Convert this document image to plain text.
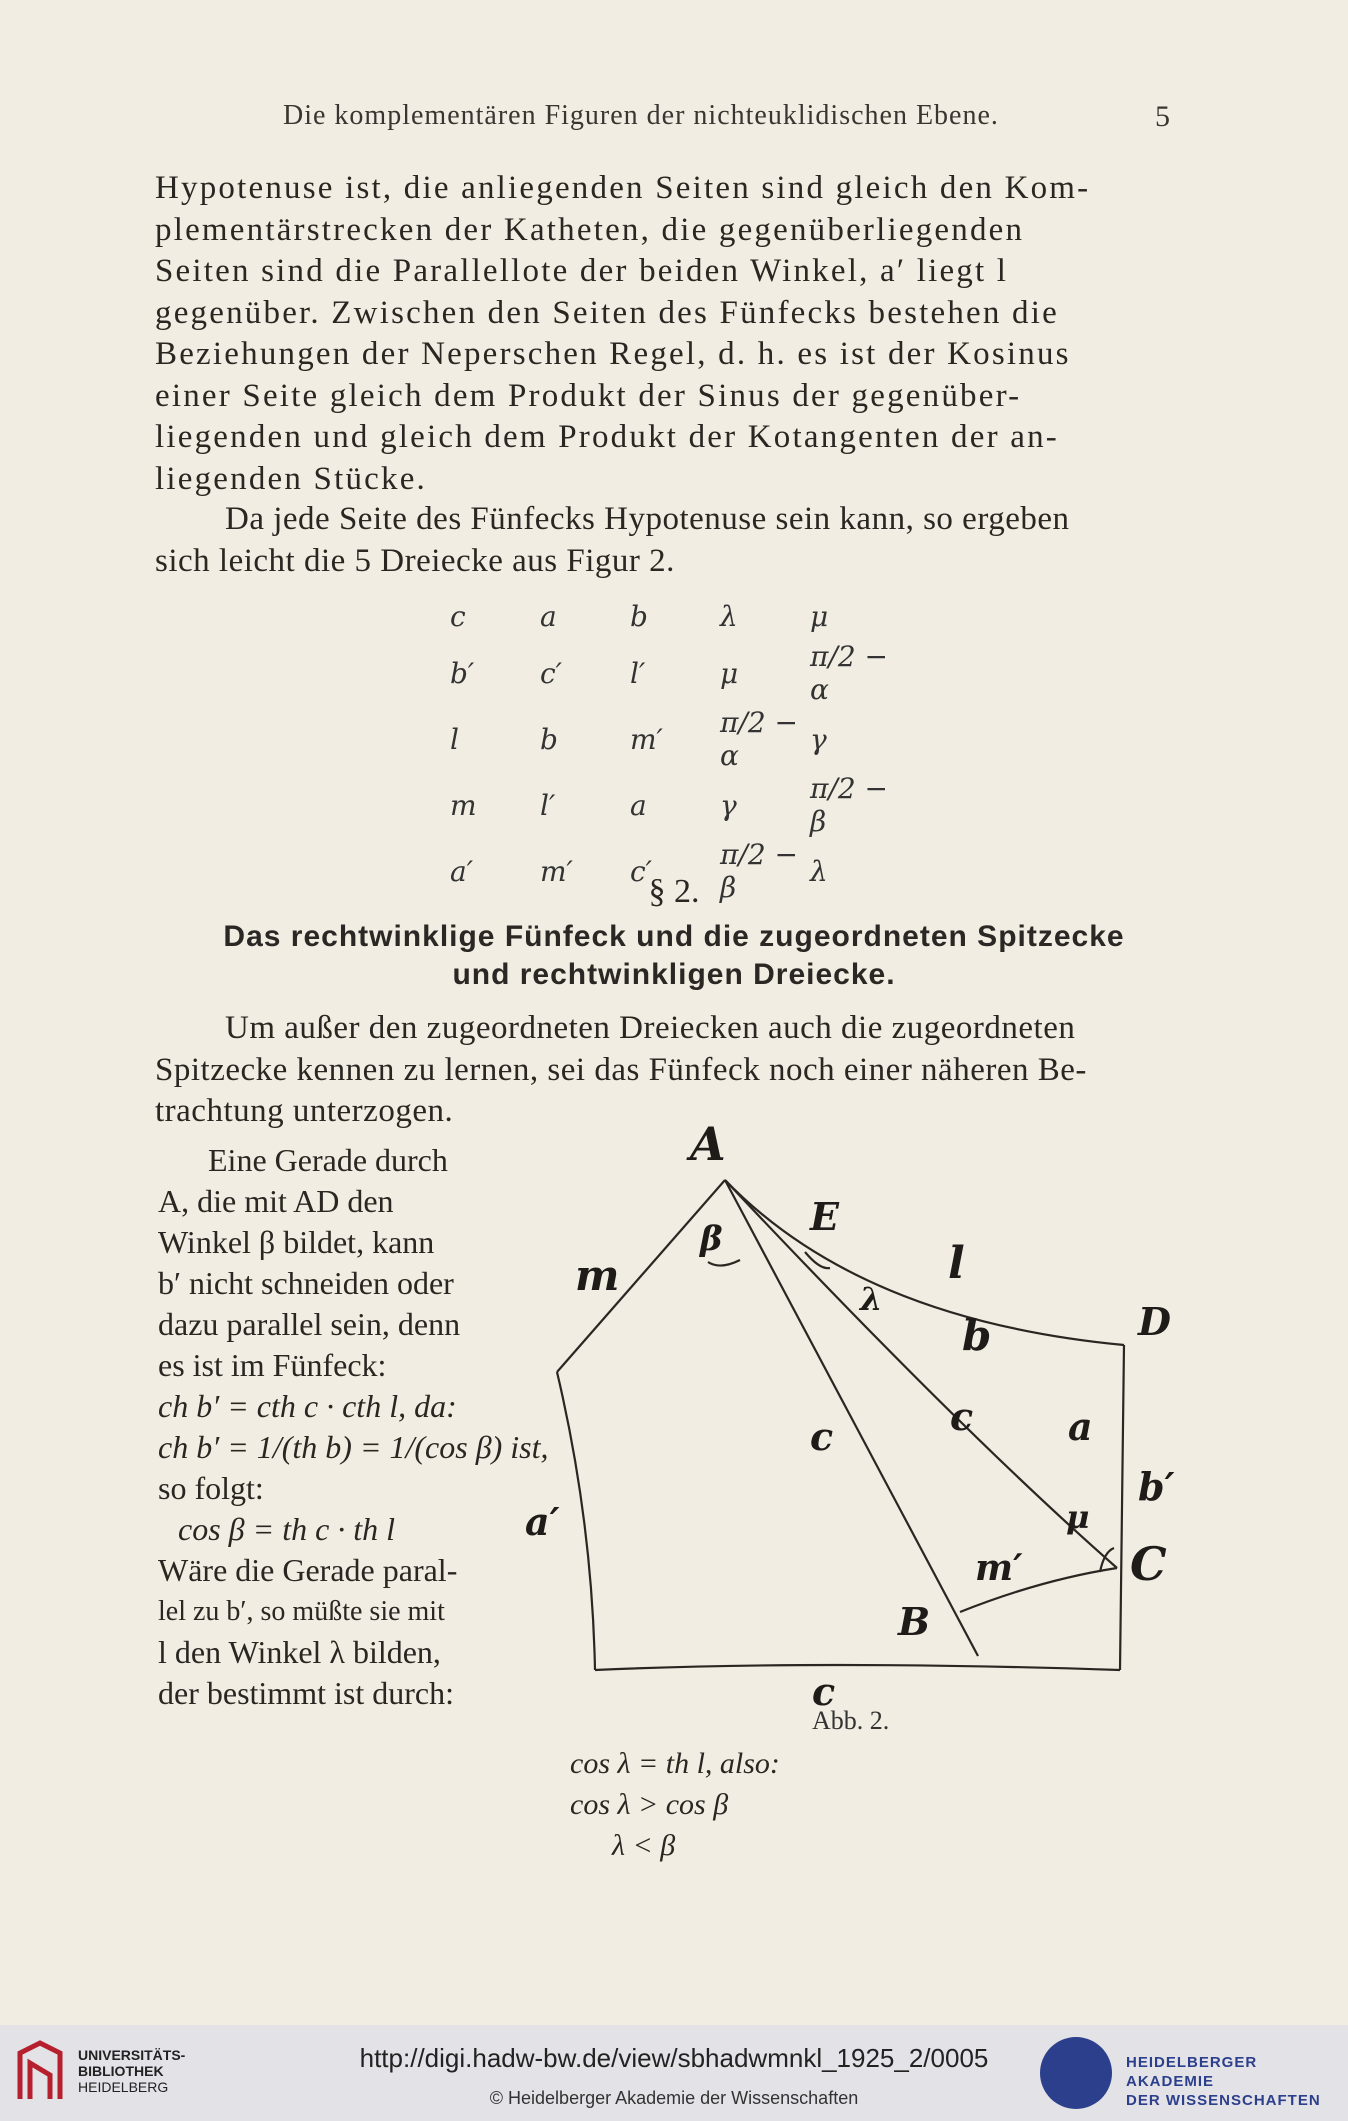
Die komplementären Figuren der nichteuklidischen Ebene.	5
Hypotenuse ist, die anliegenden Seiten sind gleich den Kom-
plementärstrecken der Katheten, die gegenüberliegenden
Seiten sind die Parallellote der beiden Winkel, a′ liegt l
gegenüber. Zwischen den Seiten des Fünfecks bestehen die
Beziehungen der Neperschen Regel, d. h. es ist der Kosinus
einer Seite gleich dem Produkt der Sinus der gegenüber-
liegenden und gleich dem Produkt der Kotangenten der an-
liegenden Stücke.
Da jede Seite des Fünfecks Hypotenuse sein kann, so ergeben
sich leicht die 5 Dreiecke aus Figur 2.
c	a	b	λ	μ
b′	c′	l′	μ	π/2 − α
l	b	m′	π/2 − α	γ
m	l′	a	γ	π/2 − β
a′	m′	c′	π/2 − β	λ
§ 2.
Das rechtwinklige Fünfeck und die zugeordneten Spitzecke
und rechtwinkligen Dreiecke.
Um außer den zugeordneten Dreiecken auch die zugeordneten
Spitzecke kennen zu lernen, sei das Fünfeck noch einer näheren Be-
trachtung unterzogen.
Eine Gerade durch
A, die mit AD den
Winkel β bildet, kann
b′ nicht schneiden oder
dazu parallel sein, denn
es ist im Fünfeck:
ch b′ = cth c · cth l, da:
ch b′ = 1/(th b) = 1/(cos β) ist,
so folgt:
cos β = th c · th l
Wäre die Gerade paral-
lel zu b′, so müßte sie mit
l den Winkel λ bilden,
der bestimmt ist durch:
cos λ = th l, also:
cos λ > cos β
λ < β
A
E
D
C
B
c
l
b
a
b′
c
c
m
a′
m′
β
λ
μ
Abb. 2.
UNIVERSITÄTS-
BIBLIOTHEK
HEIDELBERG
http://digi.hadw-bw.de/view/sbhadwmnkl_1925_2/0005
© Heidelberger Akademie der Wissenschaften
HEIDELBERGER AKADEMIE
DER WISSENSCHAFTEN
